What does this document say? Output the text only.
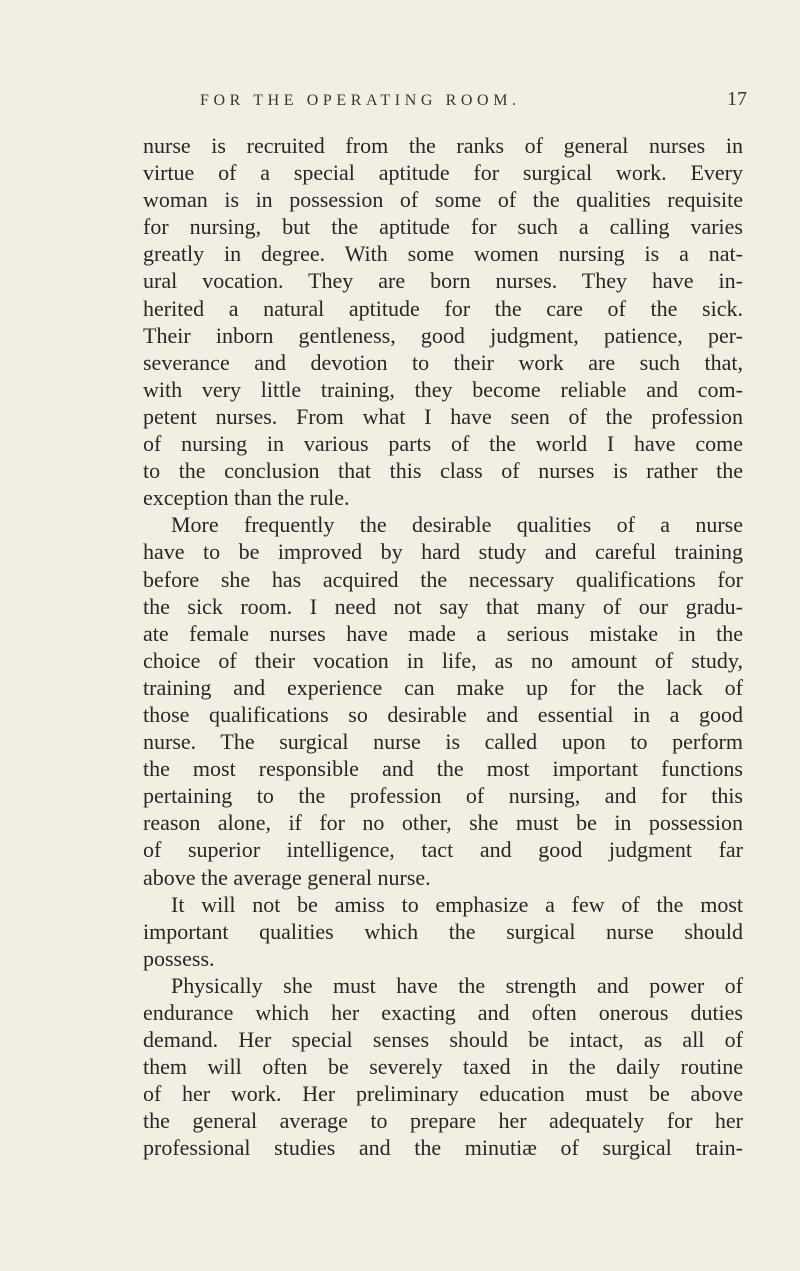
FOR THE OPERATING ROOM.	17
nurse is recruited from the ranks of general nurses in
virtue of a special aptitude for surgical work. Every
woman is in possession of some of the qualities requisite
for nursing, but the aptitude for such a calling varies
greatly in degree. With some women nursing is a nat-
ural vocation. They are born nurses. They have in-
herited a natural aptitude for the care of the sick.
Their inborn gentleness, good judgment, patience, per-
severance and devotion to their work are such that,
with very little training, they become reliable and com-
petent nurses. From what I have seen of the profession
of nursing in various parts of the world I have come
to the conclusion that this class of nurses is rather the
exception than the rule.
More frequently the desirable qualities of a nurse
have to be improved by hard study and careful training
before she has acquired the necessary qualifications for
the sick room. I need not say that many of our gradu-
ate female nurses have made a serious mistake in the
choice of their vocation in life, as no amount of study,
training and experience can make up for the lack of
those qualifications so desirable and essential in a good
nurse. The surgical nurse is called upon to perform
the most responsible and the most important functions
pertaining to the profession of nursing, and for this
reason alone, if for no other, she must be in possession
of superior intelligence, tact and good judgment far
above the average general nurse.
It will not be amiss to emphasize a few of the most
important qualities which the surgical nurse should
possess.
Physically she must have the strength and power of
endurance which her exacting and often onerous duties
demand. Her special senses should be intact, as all of
them will often be severely taxed in the daily routine
of her work. Her preliminary education must be above
the general average to prepare her adequately for her
professional studies and the minutiæ of surgical train-
